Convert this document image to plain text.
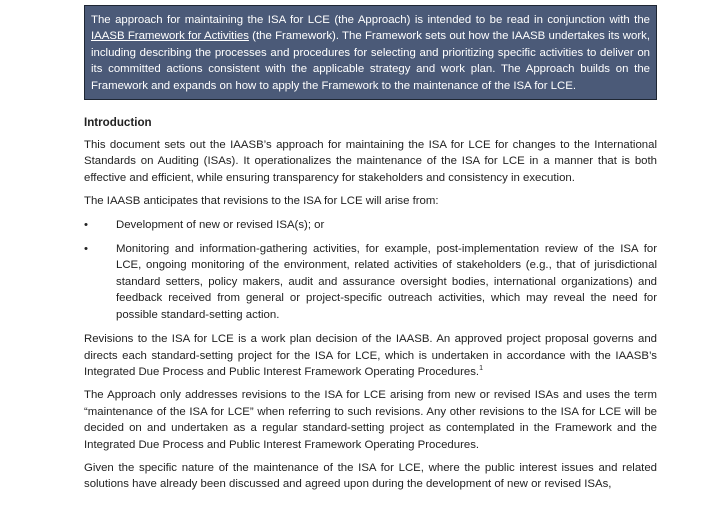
The approach for maintaining the ISA for LCE (the Approach) is intended to be read in conjunction with the IAASB Framework for Activities (the Framework). The Framework sets out how the IAASB undertakes its work, including describing the processes and procedures for selecting and prioritizing specific activities to deliver on its committed actions consistent with the applicable strategy and work plan. The Approach builds on the Framework and expands on how to apply the Framework to the maintenance of the ISA for LCE.
Introduction

This document sets out the IAASB’s approach for maintaining the ISA for LCE for changes to the International Standards on Auditing (ISAs). It operationalizes the maintenance of the ISA for LCE in a manner that is both effective and efficient, while ensuring transparency for stakeholders and consistency in execution.

The IAASB anticipates that revisions to the ISA for LCE will arise from:

• Development of new or revised ISA(s); or
• Monitoring and information-gathering activities, for example, post-implementation review of the ISA for LCE, ongoing monitoring of the environment, related activities of stakeholders (e.g., that of jurisdictional standard setters, policy makers, audit and assurance oversight bodies, international organizations) and feedback received from general or project-specific outreach activities, which may reveal the need for possible standard-setting action.

Revisions to the ISA for LCE is a work plan decision of the IAASB. An approved project proposal governs and directs each standard-setting project for the ISA for LCE, which is undertaken in accordance with the IAASB’s Integrated Due Process and Public Interest Framework Operating Procedures.$^1$

The Approach only addresses revisions to the ISA for LCE arising from new or revised ISAs and uses the term “maintenance of the ISA for LCE” when referring to such revisions. Any other revisions to the ISA for LCE will be decided on and undertaken as a regular standard-setting project as contemplated in the Framework and the Integrated Due Process and Public Interest Framework Operating Procedures.

Given the specific nature of the maintenance of the ISA for LCE, where the public interest issues and related solutions have already been discussed and agreed upon during the development of new or revised ISAs,
